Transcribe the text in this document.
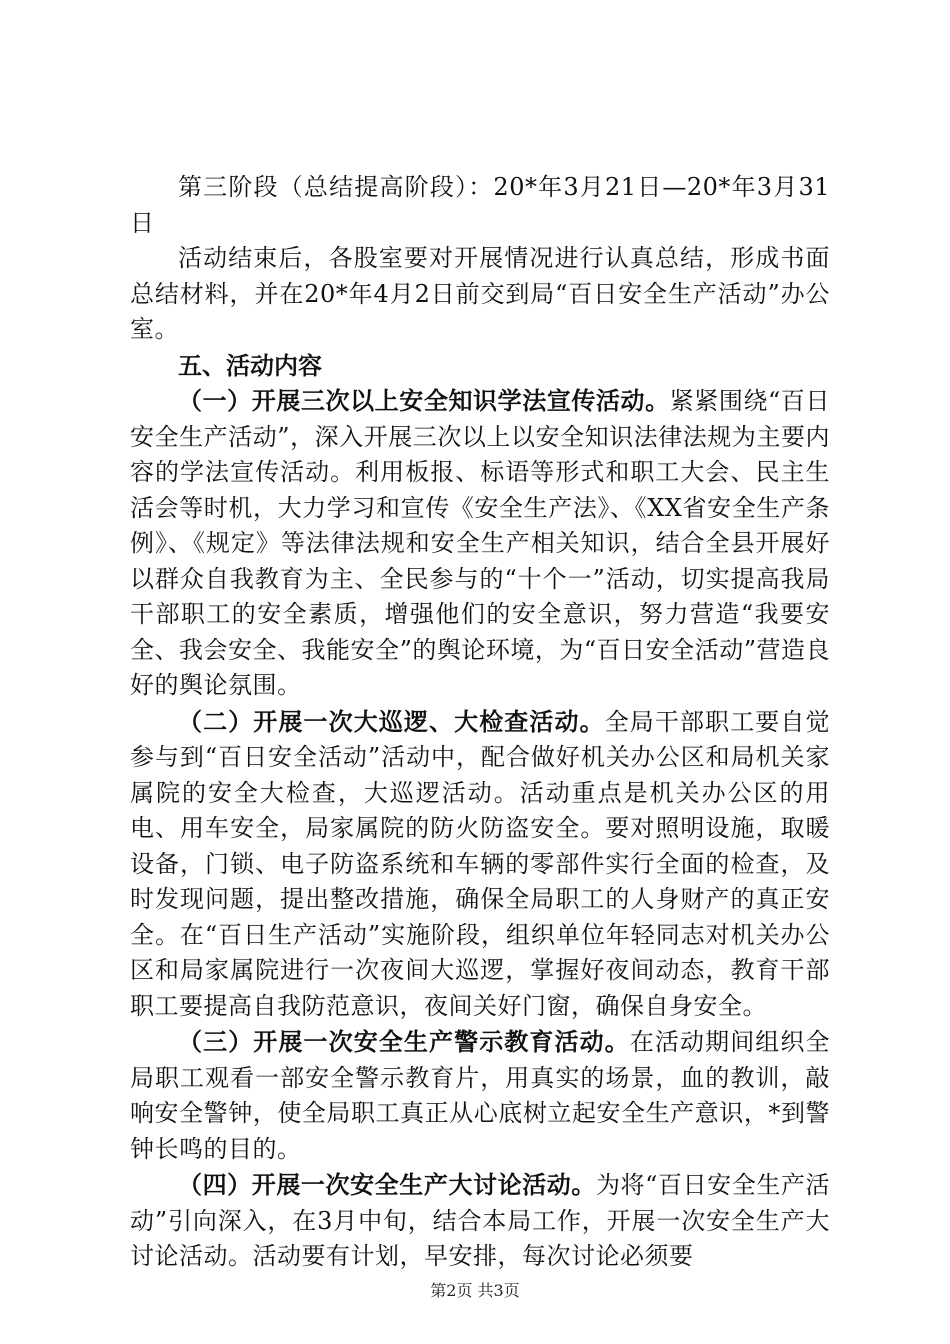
第三阶段（总结提高阶段）：20*年3月21日—20*年3月31日

活动结束后，各股室要对开展情况进行认真总结，形成书面总结材料，并在20*年4月2日前交到局“百日安全生产活动”办公室。

五、活动内容

（一）开展三次以上安全知识学法宣传活动。紧紧围绕“百日安全生产活动”，深入开展三次以上以安全知识法律法规为主要内容的学法宣传活动。利用板报、标语等形式和职工大会、民主生活会等时机，大力学习和宣传《安全生产法》、《XX省安全生产条例》、《规定》等法律法规和安全生产相关知识，结合全县开展好以群众自我教育为主、全民参与的“十个一”活动，切实提高我局干部职工的安全素质，增强他们的安全意识，努力营造“我要安全、我会安全、我能安全”的舆论环境，为“百日安全活动”营造良好的舆论氛围。

（二）开展一次大巡逻、大检查活动。全局干部职工要自觉参与到“百日安全活动”活动中，配合做好机关办公区和局机关家属院的安全大检查，大巡逻活动。活动重点是机关办公区的用电、用车安全，局家属院的防火防盗安全。要对照明设施，取暖设备，门锁、电子防盗系统和车辆的零部件实行全面的检查，及时发现问题，提出整改措施，确保全局职工的人身财产的真正安全。在“百日生产活动”实施阶段，组织单位年轻同志对机关办公区和局家属院进行一次夜间大巡逻，掌握好夜间动态，教育干部职工要提高自我防范意识，夜间关好门窗，确保自身安全。

（三）开展一次安全生产警示教育活动。在活动期间组织全局职工观看一部安全警示教育片，用真实的场景，血的教训，敲响安全警钟，使全局职工真正从心底树立起安全生产意识，*到警钟长鸣的目的。

（四）开展一次安全生产大讨论活动。为将“百日安全生产活动”引向深入，在3月中旬，结合本局工作，开展一次安全生产大讨论活动。活动要有计划，早安排，每次讨论必须要

第2页 共3页
